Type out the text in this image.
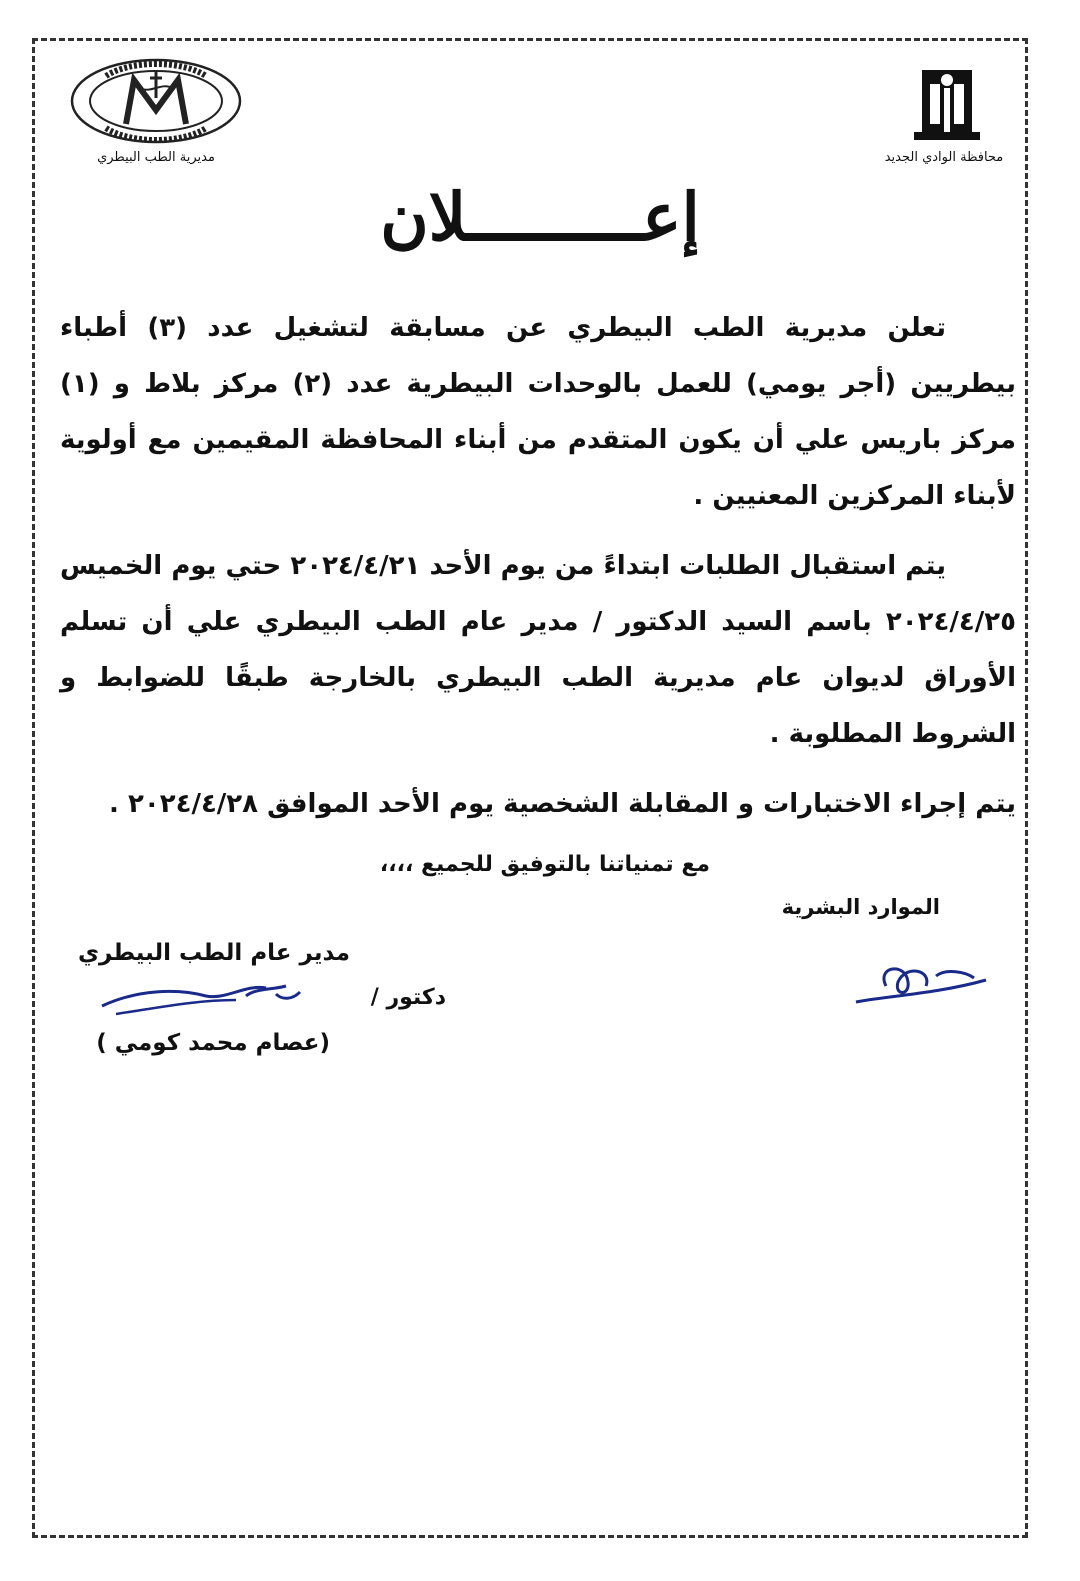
مديرية الطب البيطري	محافظة الوادي الجديد
إعـــــــــلان

تعلن مديرية الطب البيطري عن مسابقة لتشغيل عدد (٣) أطباء بيطريين (أجر يومي) للعمل بالوحدات البيطرية عدد (٢) مركز بلاط و (١) مركز باريس علي أن يكون المتقدم من أبناء المحافظة المقيمين مع أولوية لأبناء المركزين المعنيين .

يتم استقبال الطلبات ابتداءً من يوم الأحد ٢٠٢٤/٤/٢١ حتي يوم الخميس ٢٠٢٤/٤/٢٥ باسم السيد الدكتور / مدير عام الطب البيطري علي أن تسلم الأوراق لديوان عام مديرية الطب البيطري بالخارجة طبقًا للضوابط و الشروط المطلوبة .

يتم إجراء الاختبارات و المقابلة الشخصية يوم الأحد الموافق ٢٠٢٤/٤/٢٨ .

مع تمنياتنا بالتوفيق للجميع ،،،،
الموارد البشرية
مدير عام الطب البيطري
دكتور /
(عصام محمد كومي )
